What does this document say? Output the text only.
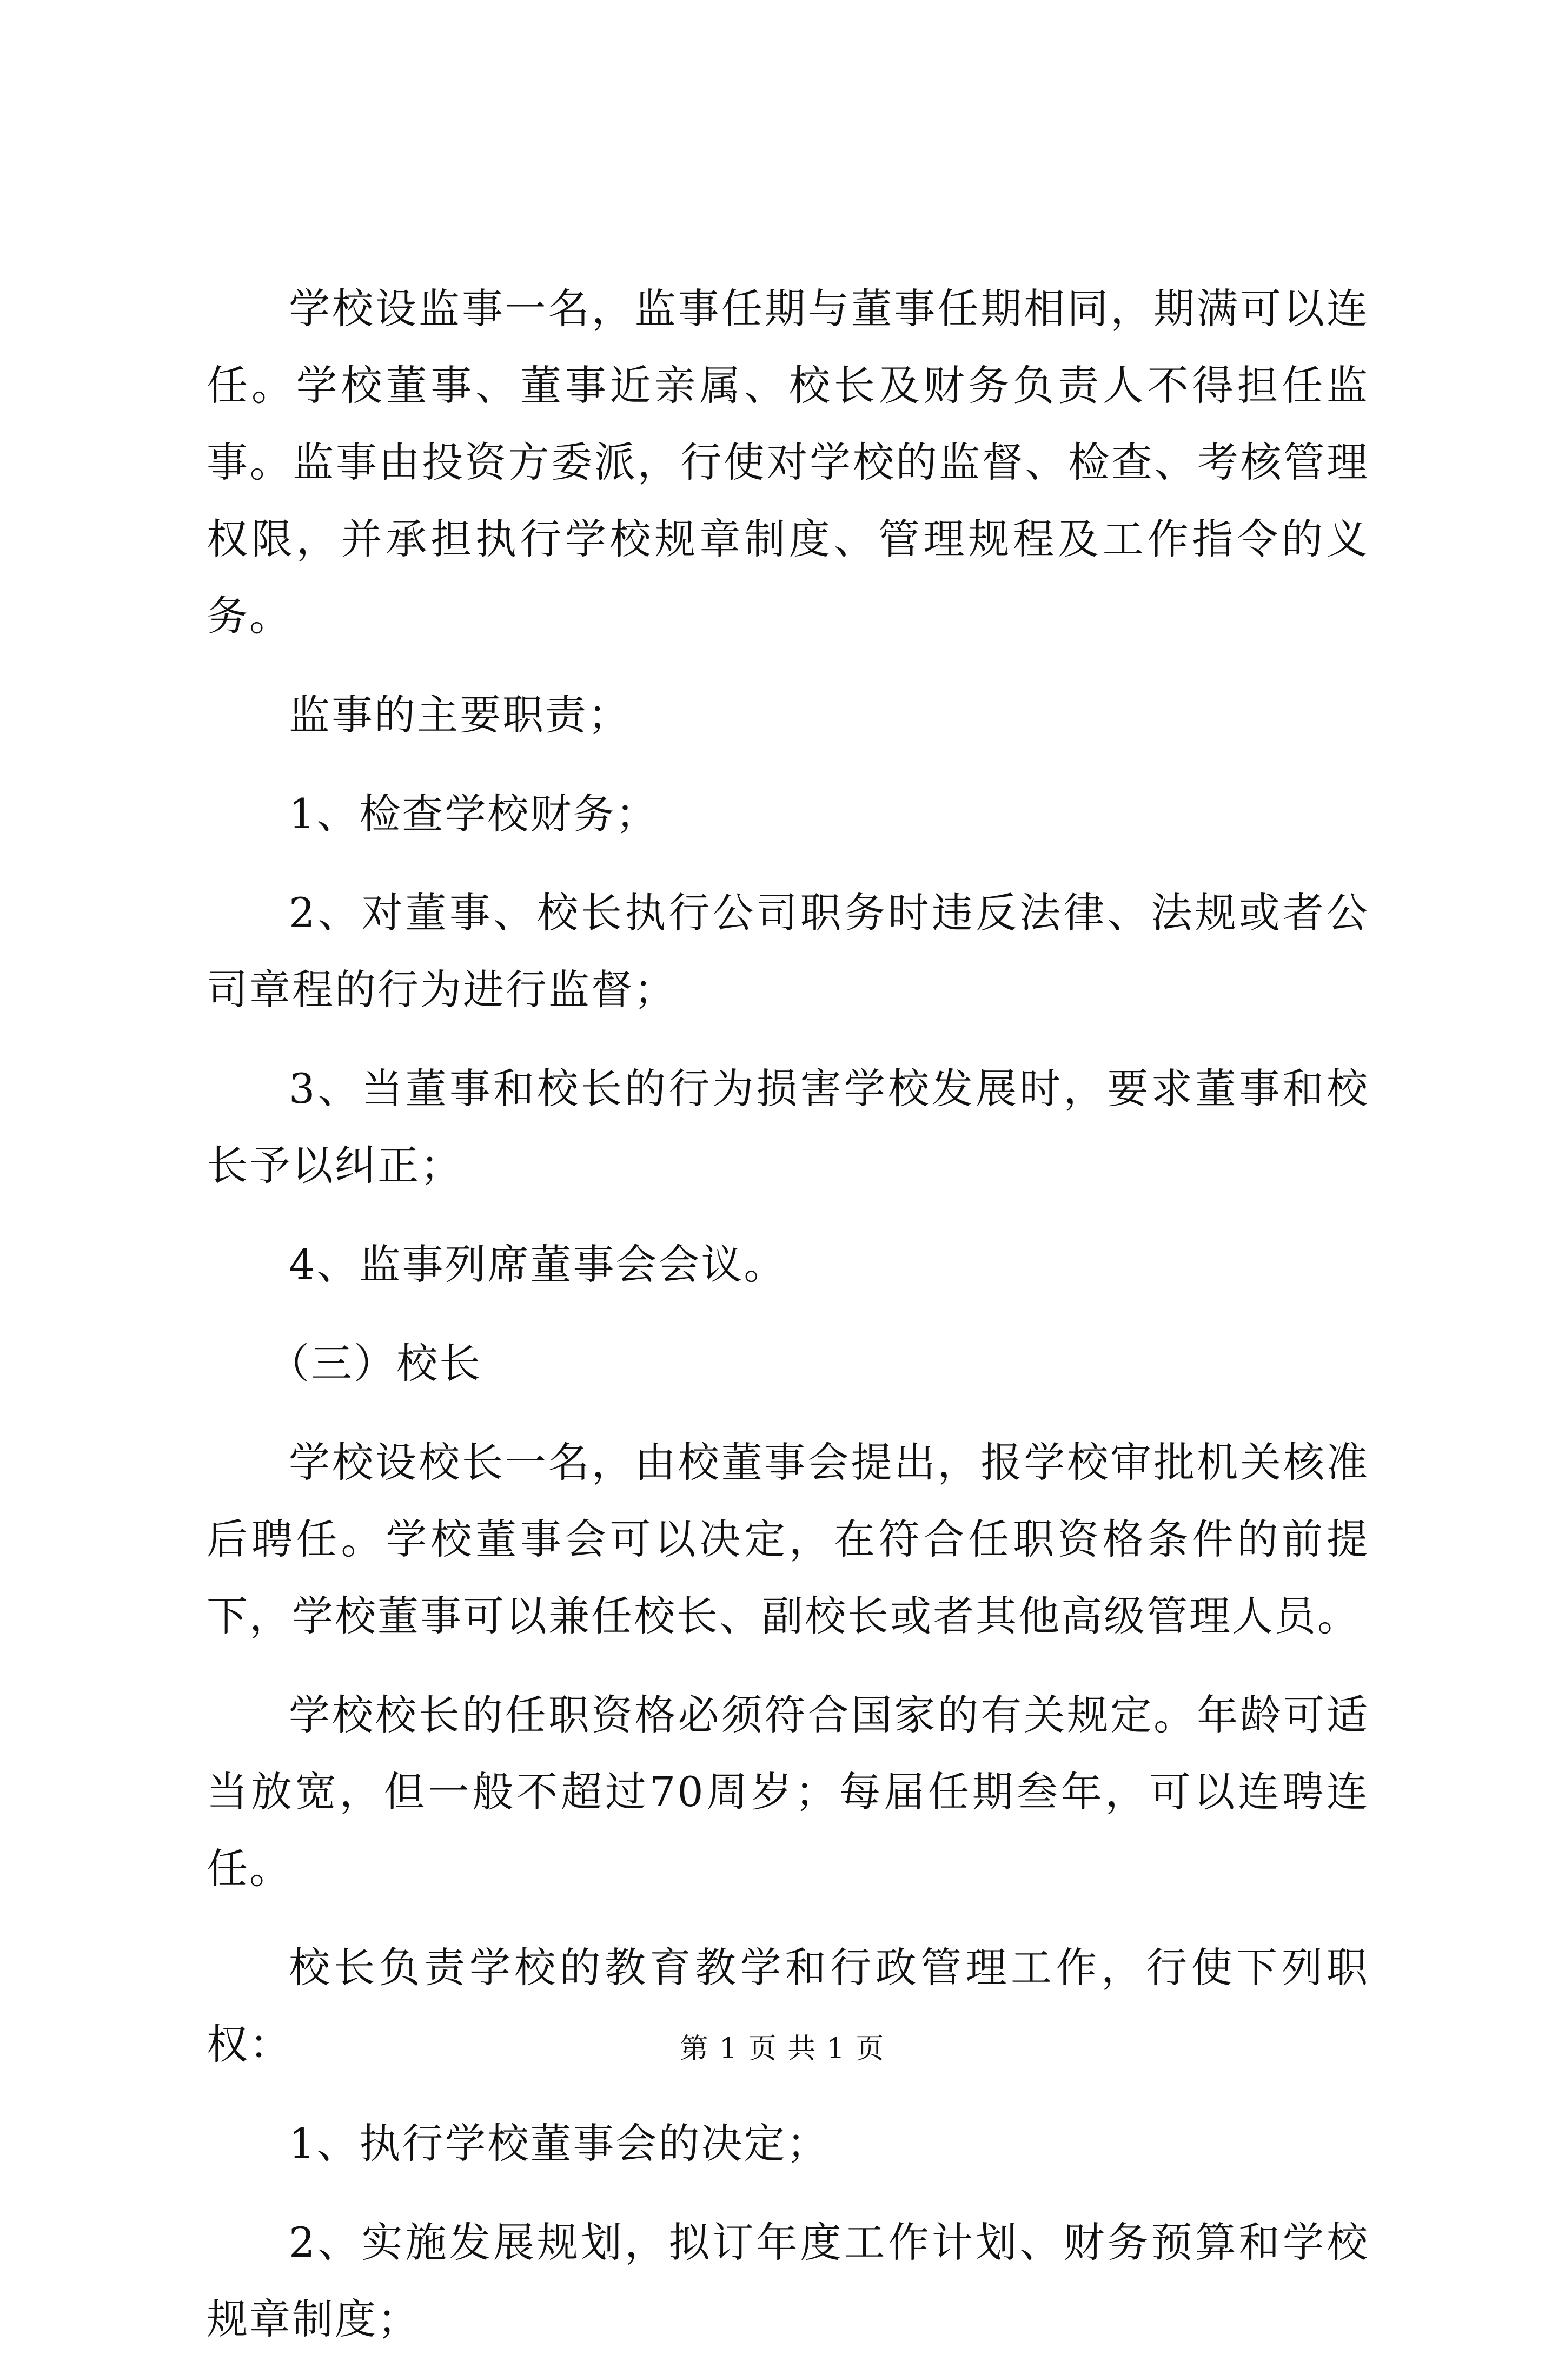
学校设监事一名，监事任期与董事任期相同，期满可以连任。学校董事、董事近亲属、校长及财务负责人不得担任监事。监事由投资方委派，行使对学校的监督、检查、考核管理权限，并承担执行学校规章制度、管理规程及工作指令的义务。

监事的主要职责；

1、检查学校财务；

2、对董事、校长执行公司职务时违反法律、法规或者公司章程的行为进行监督；

3、当董事和校长的行为损害学校发展时，要求董事和校长予以纠正；

4、监事列席董事会会议。

（三）校长

学校设校长一名，由校董事会提出，报学校审批机关核准后聘任。学校董事会可以决定，在符合任职资格条件的前提下，学校董事可以兼任校长、副校长或者其他高级管理人员。

学校校长的任职资格必须符合国家的有关规定。年龄可适当放宽，但一般不超过70周岁；每届任期叁年，可以连聘连任。

校长负责学校的教育教学和行政管理工作，行使下列职权：

1、执行学校董事会的决定；

2、实施发展规划，拟订年度工作计划、财务预算和学校规章制度；

第 1 页 共 1 页
